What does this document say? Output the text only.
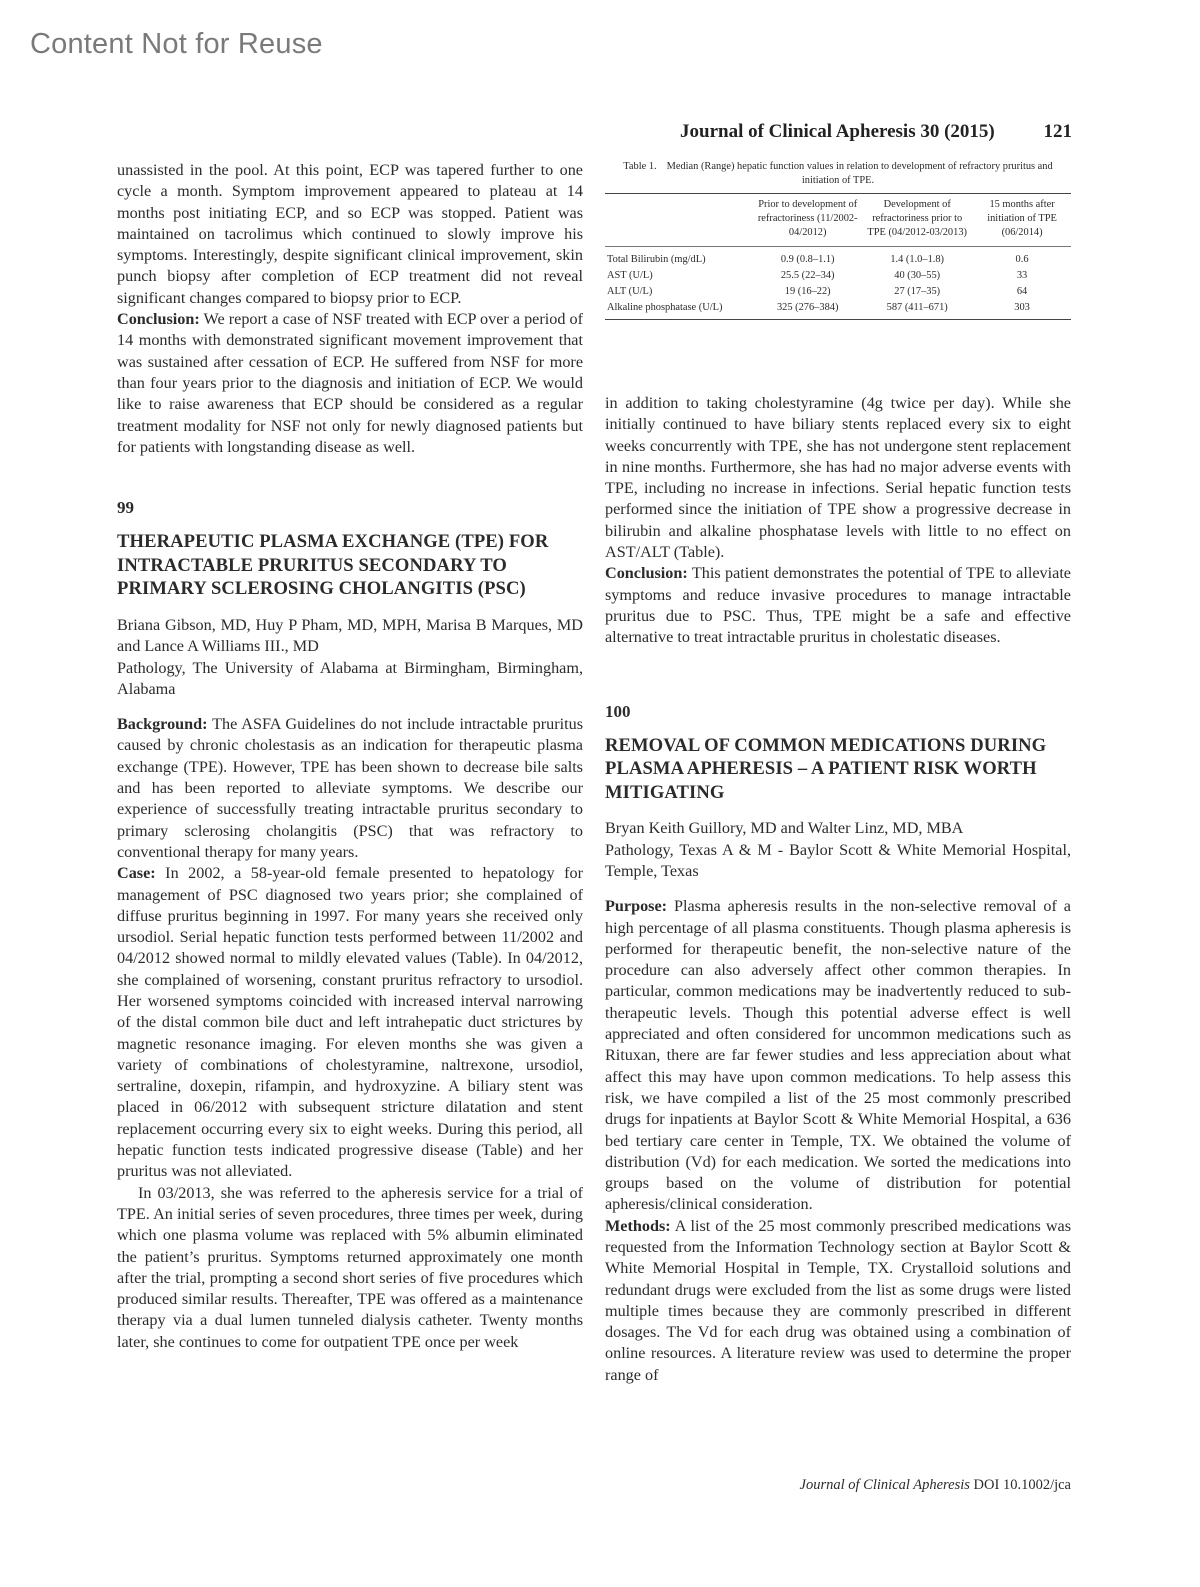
Content Not for Reuse
Journal of Clinical Apheresis 30 (2015)	121

unassisted in the pool. At this point, ECP was tapered further to one cycle a month. Symptom improvement appeared to plateau at 14 months post initiating ECP, and so ECP was stopped. Patient was maintained on tacrolimus which continued to slowly improve his symptoms. Interestingly, despite significant clinical improvement, skin punch biopsy after completion of ECP treatment did not reveal significant changes compared to biopsy prior to ECP.

Conclusion: We report a case of NSF treated with ECP over a period of 14 months with demonstrated significant movement improvement that was sustained after cessation of ECP. He suffered from NSF for more than four years prior to the diagnosis and initiation of ECP. We would like to raise awareness that ECP should be considered as a regular treatment modality for NSF not only for newly diagnosed patients but for patients with longstanding disease as well.

99

THERAPEUTIC PLASMA EXCHANGE (TPE) FOR INTRACTABLE PRURITUS SECONDARY TO PRIMARY SCLEROSING CHOLANGITIS (PSC)

Briana Gibson, MD, Huy P Pham, MD, MPH, Marisa B Marques, MD and Lance A Williams III., MD

Pathology, The University of Alabama at Birmingham, Birmingham, Alabama

Background: The ASFA Guidelines do not include intractable pruritus caused by chronic cholestasis as an indication for therapeutic plasma exchange (TPE). However, TPE has been shown to decrease bile salts and has been reported to alleviate symptoms. We describe our experience of successfully treating intractable pruritus secondary to primary sclerosing cholangitis (PSC) that was refractory to conventional therapy for many years.

Case: In 2002, a 58-year-old female presented to hepatology for management of PSC diagnosed two years prior; she complained of diffuse pruritus beginning in 1997. For many years she received only ursodiol. Serial hepatic function tests performed between 11/2002 and 04/2012 showed normal to mildly elevated values (Table). In 04/2012, she complained of worsening, constant pruritus refractory to ursodiol. Her worsened symptoms coincided with increased interval narrowing of the distal common bile duct and left intrahepatic duct strictures by magnetic resonance imaging. For eleven months she was given a variety of combinations of cholestyramine, naltrexone, ursodiol, sertraline, doxepin, rifampin, and hydroxyzine. A biliary stent was placed in 06/2012 with subsequent stricture dilatation and stent replacement occurring every six to eight weeks. During this period, all hepatic function tests indicated progressive disease (Table) and her pruritus was not alleviated.

In 03/2013, she was referred to the apheresis service for a trial of TPE. An initial series of seven procedures, three times per week, during which one plasma volume was replaced with 5% albumin eliminated the patient’s pruritus. Symptoms returned approximately one month after the trial, prompting a second short series of five procedures which produced similar results. Thereafter, TPE was offered as a maintenance therapy via a dual lumen tunneled dialysis catheter. Twenty months later, she continues to come for outpatient TPE once per week

Table 1. Median (Range) hepatic function values in relation to development of refractory pruritus and initiation of TPE.
	Prior to development of refractoriness (11/2002-04/2012)	Development of refractoriness prior to TPE (04/2012-03/2013)	15 months after initiation of TPE (06/2014)
Total Bilirubin (mg/dL)	0.9 (0.8–1.1)	1.4 (1.0–1.8)	0.6
AST (U/L)	25.5 (22–34)	40 (30–55)	33
ALT (U/L)	19 (16–22)	27 (17–35)	64
Alkaline phosphatase (U/L)	325 (276–384)	587 (411–671)	303

in addition to taking cholestyramine (4g twice per day). While she initially continued to have biliary stents replaced every six to eight weeks concurrently with TPE, she has not undergone stent replacement in nine months. Furthermore, she has had no major adverse events with TPE, including no increase in infections. Serial hepatic function tests performed since the initiation of TPE show a progressive decrease in bilirubin and alkaline phosphatase levels with little to no effect on AST/ALT (Table).

Conclusion: This patient demonstrates the potential of TPE to alleviate symptoms and reduce invasive procedures to manage intractable pruritus due to PSC. Thus, TPE might be a safe and effective alternative to treat intractable pruritus in cholestatic diseases.

100

REMOVAL OF COMMON MEDICATIONS DURING PLASMA APHERESIS – A PATIENT RISK WORTH MITIGATING

Bryan Keith Guillory, MD and Walter Linz, MD, MBA

Pathology, Texas A & M - Baylor Scott & White Memorial Hospital, Temple, Texas

Purpose: Plasma apheresis results in the non-selective removal of a high percentage of all plasma constituents. Though plasma apheresis is performed for therapeutic benefit, the non-selective nature of the procedure can also adversely affect other common therapies. In particular, common medications may be inadvertently reduced to sub-therapeutic levels. Though this potential adverse effect is well appreciated and often considered for uncommon medications such as Rituxan, there are far fewer studies and less appreciation about what affect this may have upon common medications. To help assess this risk, we have compiled a list of the 25 most commonly prescribed drugs for inpatients at Baylor Scott & White Memorial Hospital, a 636 bed tertiary care center in Temple, TX. We obtained the volume of distribution (Vd) for each medication. We sorted the medications into groups based on the volume of distribution for potential apheresis/clinical consideration.

Methods: A list of the 25 most commonly prescribed medications was requested from the Information Technology section at Baylor Scott & White Memorial Hospital in Temple, TX. Crystalloid solutions and redundant drugs were excluded from the list as some drugs were listed multiple times because they are commonly prescribed in different dosages. The Vd for each drug was obtained using a combination of online resources. A literature review was used to determine the proper range of

Journal of Clinical Apheresis DOI 10.1002/jca
